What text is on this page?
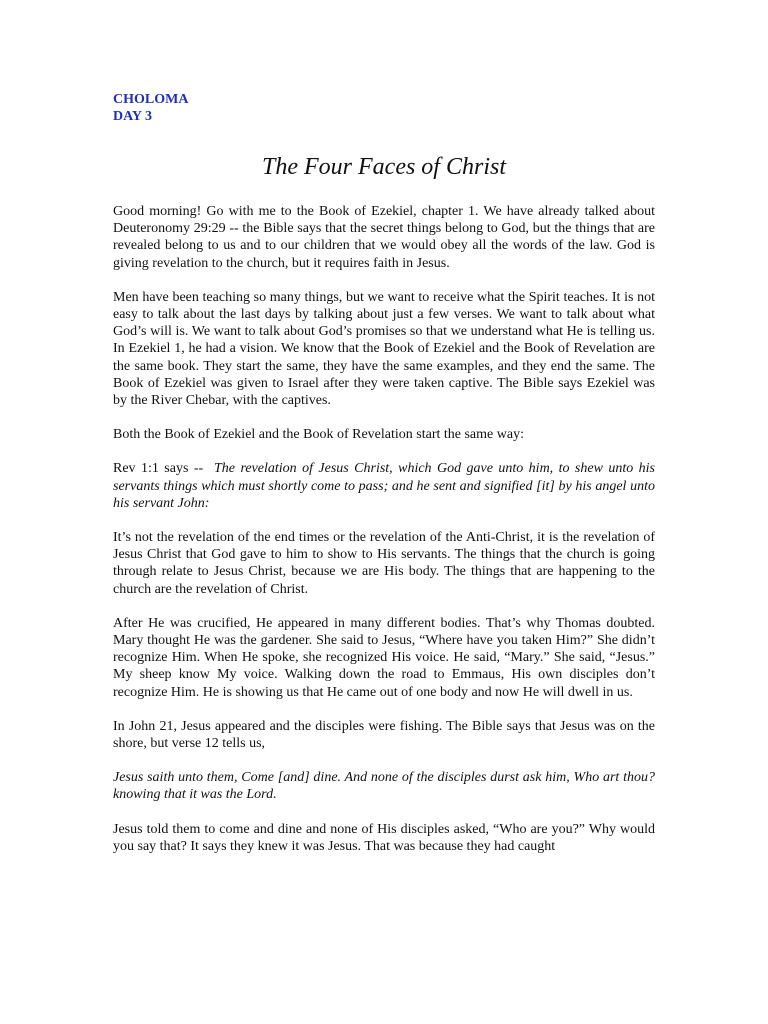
CHOLOMA
DAY 3
The Four Faces of Christ

Good morning! Go with me to the Book of Ezekiel, chapter 1. We have already talked about Deuteronomy 29:29 -- the Bible says that the secret things belong to God, but the things that are revealed belong to us and to our children that we would obey all the words of the law. God is giving revelation to the church, but it requires faith in Jesus.

Men have been teaching so many things, but we want to receive what the Spirit teaches. It is not easy to talk about the last days by talking about just a few verses. We want to talk about what God’s will is. We want to talk about God’s promises so that we understand what He is telling us. In Ezekiel 1, he had a vision. We know that the Book of Ezekiel and the Book of Revelation are the same book. They start the same, they have the same examples, and they end the same. The Book of Ezekiel was given to Israel after they were taken captive. The Bible says Ezekiel was by the River Chebar, with the captives.

Both the Book of Ezekiel and the Book of Revelation start the same way:

Rev 1:1 says -- The revelation of Jesus Christ, which God gave unto him, to shew unto his servants things which must shortly come to pass; and he sent and signified [it] by his angel unto his servant John:

It’s not the revelation of the end times or the revelation of the Anti-Christ, it is the revelation of Jesus Christ that God gave to him to show to His servants. The things that the church is going through relate to Jesus Christ, because we are His body. The things that are happening to the church are the revelation of Christ.

After He was crucified, He appeared in many different bodies. That’s why Thomas doubted. Mary thought He was the gardener. She said to Jesus, “Where have you taken Him?” She didn’t recognize Him. When He spoke, she recognized His voice. He said, “Mary.” She said, “Jesus.” My sheep know My voice. Walking down the road to Emmaus, His own disciples don’t recognize Him. He is showing us that He came out of one body and now He will dwell in us.

In John 21, Jesus appeared and the disciples were fishing. The Bible says that Jesus was on the shore, but verse 12 tells us,

Jesus saith unto them, Come [and] dine. And none of the disciples durst ask him, Who art thou? knowing that it was the Lord.

Jesus told them to come and dine and none of His disciples asked, “Who are you?” Why would you say that? It says they knew it was Jesus. That was because they had caught
